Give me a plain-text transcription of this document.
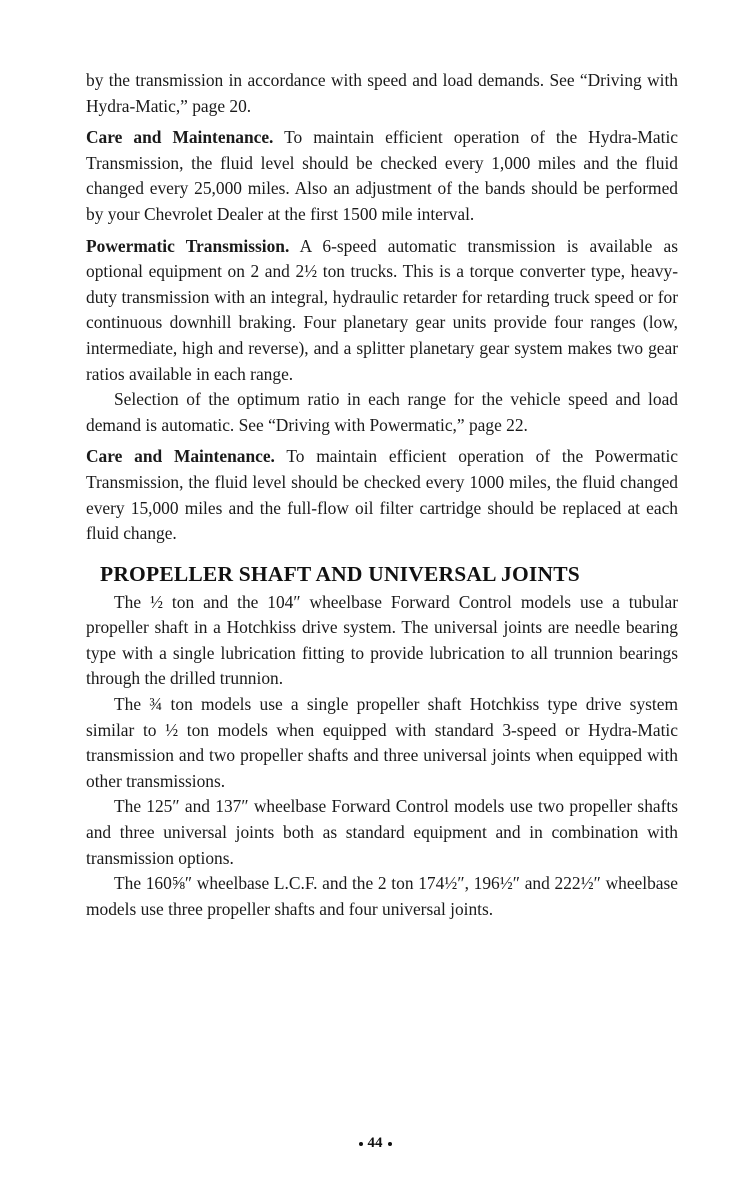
by the transmission in accordance with speed and load demands. See “Driving with Hydra-Matic,” page 20.

Care and Maintenance. To maintain efficient operation of the Hydra-Matic Transmission, the fluid level should be checked every 1,000 miles and the fluid changed every 25,000 miles. Also an adjustment of the bands should be performed by your Chevrolet Dealer at the first 1500 mile interval.

Powermatic Transmission. A 6-speed automatic transmission is available as optional equipment on 2 and 2½ ton trucks. This is a torque converter type, heavy-duty transmission with an integral, hydraulic retarder for retarding truck speed or for continuous downhill braking. Four planetary gear units provide four ranges (low, intermediate, high and reverse), and a splitter planetary gear system makes two gear ratios available in each range.

Selection of the optimum ratio in each range for the vehicle speed and load demand is automatic. See “Driving with Powermatic,” page 22.

Care and Maintenance. To maintain efficient operation of the Powermatic Transmission, the fluid level should be checked every 1000 miles, the fluid changed every 15,000 miles and the full-flow oil filter cartridge should be replaced at each fluid change.

PROPELLER SHAFT AND UNIVERSAL JOINTS

The ½ ton and the 104″ wheelbase Forward Control models use a tubular propeller shaft in a Hotchkiss drive system. The universal joints are needle bearing type with a single lubrication fitting to provide lubrication to all trunnion bearings through the drilled trunnion.

The ¾ ton models use a single propeller shaft Hotchkiss type drive system similar to ½ ton models when equipped with standard 3-speed or Hydra-Matic transmission and two propeller shafts and three universal joints when equipped with other transmissions.

The 125″ and 137″ wheelbase Forward Control models use two propeller shafts and three universal joints both as standard equipment and in combination with transmission options.

The 160⅝″ wheelbase L.C.F. and the 2 ton 174½″, 196½″ and 222½″ wheelbase models use three propeller shafts and four universal joints.

44
